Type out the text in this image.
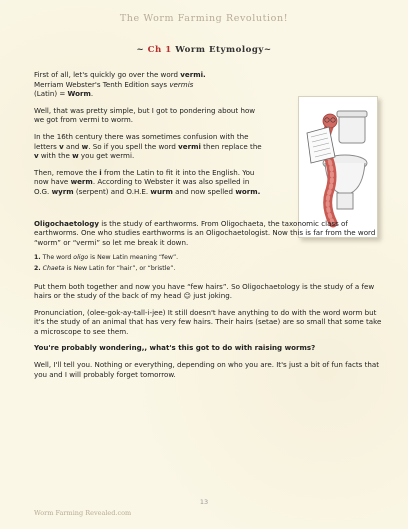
The Worm Farming Revolution!
~ Ch 1 Worm Etymology~

First of all, let's quickly go over the word vermi.
Merriam Webster's Tenth Edition says vermis
(Latin) = Worm.

Well, that was pretty simple, but I got to pondering about how we got from vermi to worm.

In the 16th century there was sometimes confusion with the letters v and w. So if you spell the word vermi then replace the v with the w you get wermi.

Then, remove the i from the Latin to fit it into the English. You now have werm. According to Webster it was also spelled in O.G. wyrm (serpent) and O.H.E. wurm and now spelled worm.

Oligochaetology is the study of earthworms. From Oligochaeta, the taxonomic class of earthworms. One who studies earthworms is an Oligochaetologist. Now this is far from the word “worm” or “vermi” so let me break it down.

1. The word oligo is New Latin meaning “few”.

2. Chaeta is New Latin for “hair”, or “bristle”.

Put them both together and now you have “few hairs”. So Oligochaetology is the study of a few hairs or the study of the back of my head ☺ just joking.

Pronunciation, (olee-gok-ay-tall-i-jee) It still doesn't have anything to do with the word worm but it's the study of an animal that has very few hairs. Their hairs (setae) are so small that some take a microscope to see them.

You're probably wondering,, what's this got to do with raising worms?

Well, I'll tell you. Nothing or everything, depending on who you are. It's just a bit of fun facts that you and I will probably forget tomorrow.

13
Worm Farming Revealed.com
